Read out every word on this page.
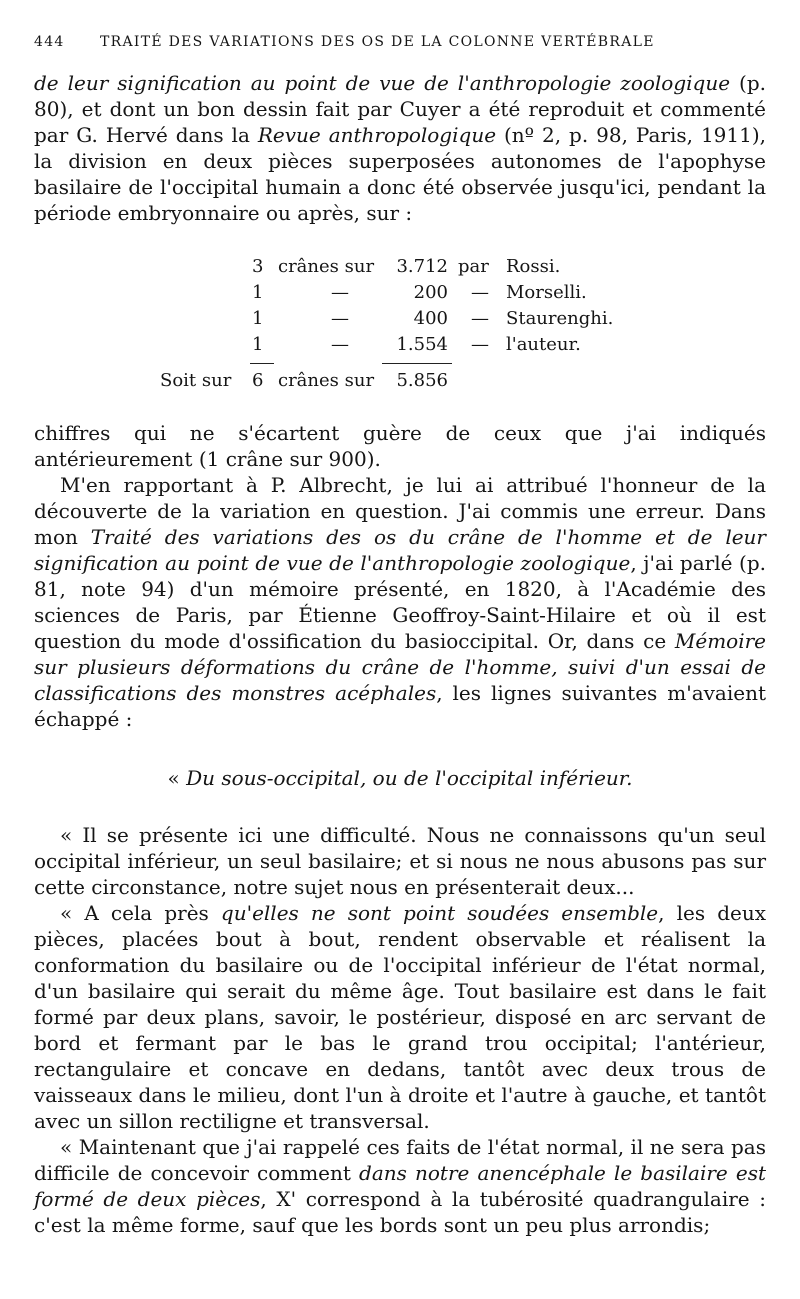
444	TRAITÉ DES VARIATIONS DES OS DE LA COLONNE VERTÉBRALE

de leur signification au point de vue de l'anthropologie zoologique (p. 80), et dont un bon dessin fait par Cuyer a été reproduit et commenté par G. Hervé dans la Revue anthropologique (nº 2, p. 98, Paris, 1911), la division en deux pièces superposées autonomes de l'apophyse basilaire de l'occipital humain a donc été observée jusqu'ici, pendant la période embryonnaire ou après, sur :

3 crânes sur	3.712 par Rossi.
1	—	200 — Morselli.
1	—	400 — Staurenghi.
1	—	1.554 — l'auteur.
Soit sur 6 crânes sur	5.856

chiffres qui ne s'écartent guère de ceux que j'ai indiqués antérieurement (1 crâne sur 900).

M'en rapportant à P. Albrecht, je lui ai attribué l'honneur de la découverte de la variation en question. J'ai commis une erreur. Dans mon Traité des variations des os du crâne de l'homme et de leur signification au point de vue de l'anthropologie zoologique, j'ai parlé (p. 81, note 94) d'un mémoire présenté, en 1820, à l'Académie des sciences de Paris, par Étienne Geoffroy-Saint-Hilaire et où il est question du mode d'ossification du basioccipital. Or, dans ce Mémoire sur plusieurs déformations du crâne de l'homme, suivi d'un essai de classifications des monstres acéphales, les lignes suivantes m'avaient échappé :

« Du sous-occipital, ou de l'occipital inférieur.

« Il se présente ici une difficulté. Nous ne connaissons qu'un seul occipital inférieur, un seul basilaire; et si nous ne nous abusons pas sur cette circonstance, notre sujet nous en présenterait deux...

« A cela près qu'elles ne sont point soudées ensemble, les deux pièces, placées bout à bout, rendent observable et réalisent la conformation du basilaire ou de l'occipital inférieur de l'état normal, d'un basilaire qui serait du même âge. Tout basilaire est dans le fait formé par deux plans, savoir, le postérieur, disposé en arc servant de bord et fermant par le bas le grand trou occipital; l'antérieur, rectangulaire et concave en dedans, tantôt avec deux trous de vaisseaux dans le milieu, dont l'un à droite et l'autre à gauche, et tantôt avec un sillon rectiligne et transversal.

« Maintenant que j'ai rappelé ces faits de l'état normal, il ne sera pas difficile de concevoir comment dans notre anencéphale le basilaire est formé de deux pièces, X' correspond à la tubérosité quadrangulaire : c'est la même forme, sauf que les bords sont un peu plus arrondis;
